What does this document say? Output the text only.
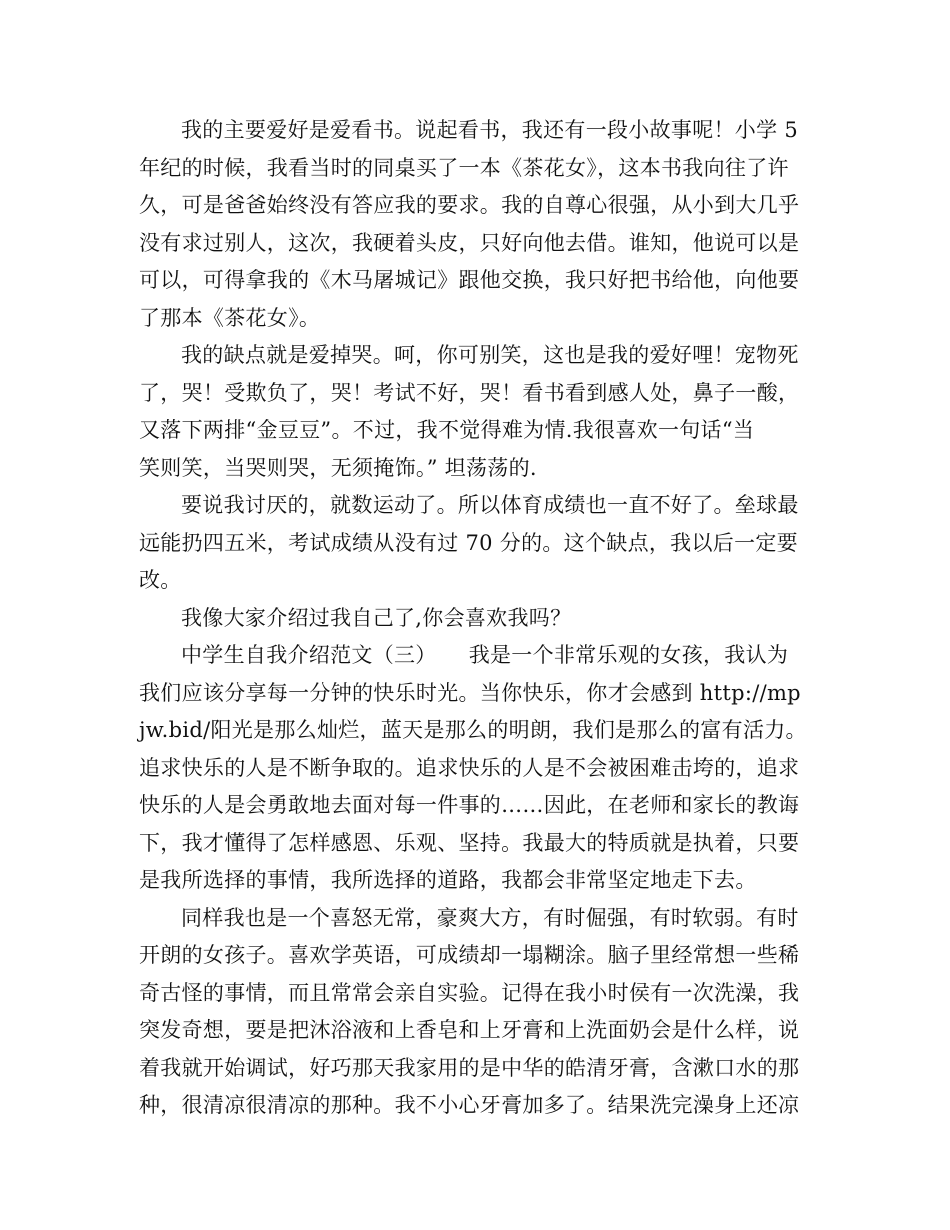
我的主要爱好是爱看书。说起看书，我还有一段小故事呢！小学 5
年纪的时候，我看当时的同桌买了一本《茶花女》，这本书我向往了许
久，可是爸爸始终没有答应我的要求。我的自尊心很强，从小到大几乎
没有求过别人，这次，我硬着头皮，只好向他去借。谁知，他说可以是
可以，可得拿我的《木马屠城记》跟他交换，我只好把书给他，向他要
了那本《茶花女》。
我的缺点就是爱掉哭。呵，你可别笑，这也是我的爱好哩！宠物死
了，哭！受欺负了，哭！考试不好，哭！看书看到感人处，鼻子一酸，
又落下两排“金豆豆”。不过，我不觉得难为情.我很喜欢一句话“当
笑则笑，当哭则哭，无须掩饰。” 坦荡荡的.
要说我讨厌的，就数运动了。所以体育成绩也一直不好了。垒球最
远能扔四五米，考试成绩从没有过 70 分的。这个缺点，我以后一定要
改。
我像大家介绍过我自己了,你会喜欢我吗？
中学生自我介绍范文（三）　　我是一个非常乐观的女孩，我认为
我们应该分享每一分钟的快乐时光。当你快乐，你才会感到 http://mp
jw.bid/阳光是那么灿烂，蓝天是那么的明朗，我们是那么的富有活力。
追求快乐的人是不断争取的。追求快乐的人是不会被困难击垮的，追求
快乐的人是会勇敢地去面对每一件事的……因此，在老师和家长的教诲
下，我才懂得了怎样感恩、乐观、坚持。我最大的特质就是执着，只要
是我所选择的事情，我所选择的道路，我都会非常坚定地走下去。
同样我也是一个喜怒无常，豪爽大方，有时倔强，有时软弱。有时
开朗的女孩子。喜欢学英语，可成绩却一塌糊涂。脑子里经常想一些稀
奇古怪的事情，而且常常会亲自实验。记得在我小时侯有一次洗澡，我
突发奇想，要是把沐浴液和上香皂和上牙膏和上洗面奶会是什么样，说
着我就开始调试，好巧那天我家用的是中华的皓清牙膏，含漱口水的那
种，很清凉很清凉的那种。我不小心牙膏加多了。结果洗完澡身上还凉
